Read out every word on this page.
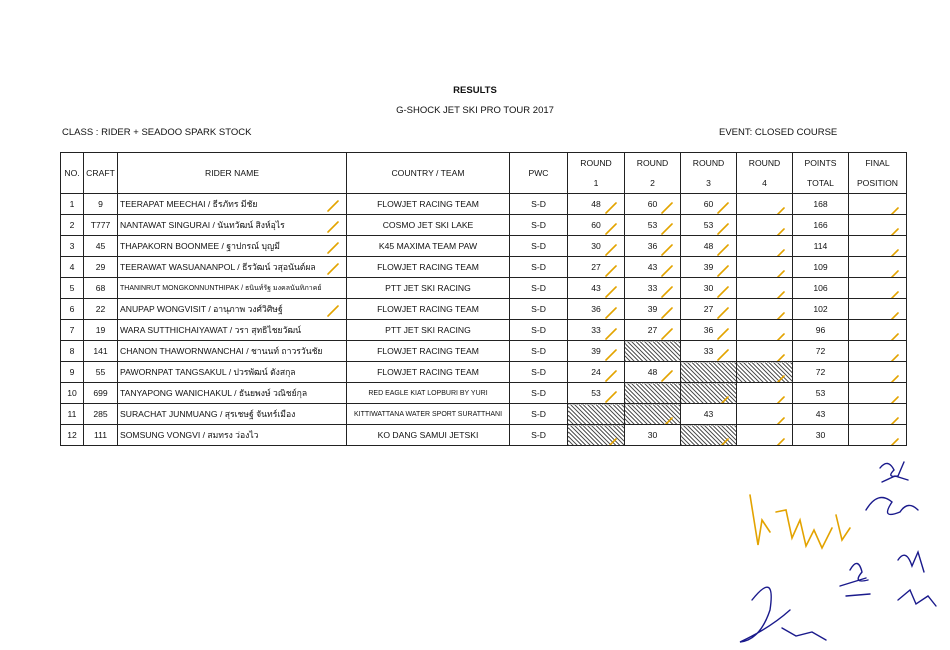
RESULTS
G-SHOCK JET SKI PRO TOUR 2017
CLASS : RIDER + SEADOO SPARK STOCK	EVENT: CLOSED COURSE
NO.	CRAFT	RIDER NAME	COUNTRY / TEAM	PWC	ROUND	ROUND	ROUND	ROUND	POINTS	FINAL
					1	2	3	4	TOTAL	POSITION

1	9	TEERAPAT MEECHAI / ธีรภัทร มีชัย	FLOWJET RACING TEAM	S-D	48	60	60		168

2	T777	NANTAWAT SINGURAI / นันทวัฒน์ สิงห์อุไร	COSMO JET SKI LAKE	S-D	60	53	53		166

3	45	THAPAKORN BOONMEE / ฐาปกรณ์ บุญมี	K45 MAXIMA TEAM PAW	S-D	30	36	48		114

4	29	TEERAWAT WASUANANPOL / ธีรวัฒน์ วสุอนันต์ผล	FLOWJET RACING TEAM	S-D	27	43	39		109

5	68	THANINRUT MONGKONNUNTHIPAK / ธนินท์รัฐ มงคลนันทิภาคย์	PTT JET SKI RACING	S-D	43	33	30		106

6	22	ANUPAP WONGVISIT / อานุภาพ วงศ์วิศิษฐ์	FLOWJET RACING TEAM	S-D	36	39	27		102

7	19	WARA SUTTHICHAIYAWAT / วรา สุทธิไชยวัฒน์	PTT JET SKI RACING	S-D	33	27	36		96

8	141	CHANON THAWORNWANCHAI / ชานนท์ ถาวรวันชัย	FLOWJET RACING TEAM	S-D	39		33		72

9	55	PAWORNPAT TANGSAKUL / ปวรพัฒน์ ตังสกุล	FLOWJET RACING TEAM	S-D	24	48			72

10	699	TANYAPONG WANICHAKUL / ธันยพงษ์ วณิชย์กุล	RED EAGLE KIAT LOPBURI BY YURI	S-D	53				53

11	285	SURACHAT JUNMUANG / สุรเชษฐ์ จันทร์เมือง	KITTIWATTANA WATER SPORT SURATTHANI	S-D			43		43

12	111	SOMSUNG VONGVI / สมทรง ว่องไว	KO DANG SAMUI JETSKI	S-D		30			30
